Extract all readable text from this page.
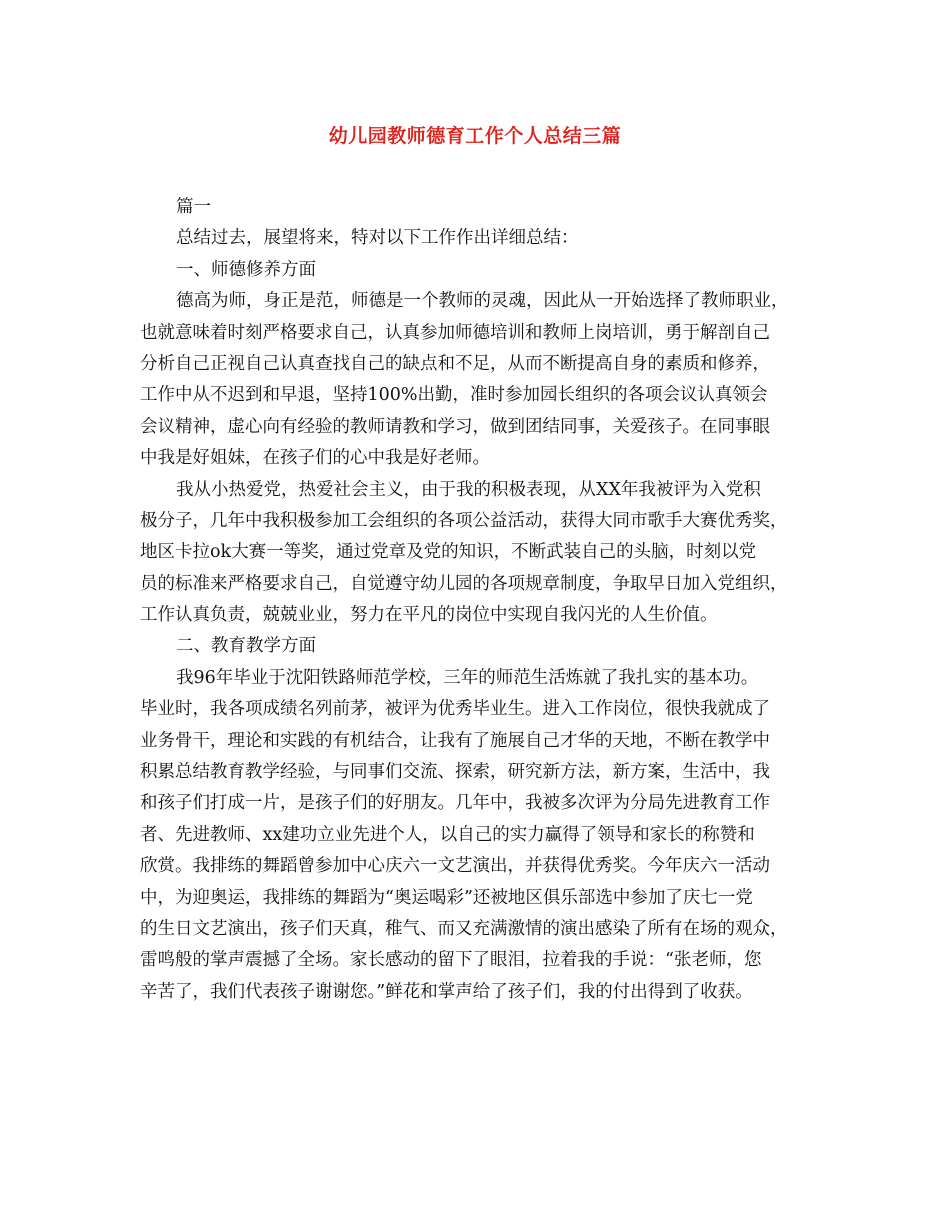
幼儿园教师德育工作个人总结三篇
篇一
总结过去，展望将来，特对以下工作作出详细总结：
一、师德修养方面
德高为师，身正是范，师德是一个教师的灵魂，因此从一开始选择了教师职业，
也就意味着时刻严格要求自己，认真参加师德培训和教师上岗培训，勇于解剖自己
分析自己正视自己认真查找自己的缺点和不足，从而不断提高自身的素质和修养，
工作中从不迟到和早退，坚持100%出勤，准时参加园长组织的各项会议认真领会
会议精神，虚心向有经验的教师请教和学习，做到团结同事，关爱孩子。在同事眼
中我是好姐妹，在孩子们的心中我是好老师。
我从小热爱党，热爱社会主义，由于我的积极表现，从XX年我被评为入党积
极分子，几年中我积极参加工会组织的各项公益活动，获得大同市歌手大赛优秀奖，
地区卡拉ok大赛一等奖，通过党章及党的知识，不断武装自己的头脑，时刻以党
员的标准来严格要求自己，自觉遵守幼儿园的各项规章制度，争取早日加入党组织，
工作认真负责，兢兢业业，努力在平凡的岗位中实现自我闪光的人生价值。
二、教育教学方面
我96年毕业于沈阳铁路师范学校，三年的师范生活炼就了我扎实的基本功。
毕业时，我各项成绩名列前茅，被评为优秀毕业生。进入工作岗位，很快我就成了
业务骨干，理论和实践的有机结合，让我有了施展自己才华的天地，不断在教学中
积累总结教育教学经验，与同事们交流、探索，研究新方法，新方案，生活中，我
和孩子们打成一片，是孩子们的好朋友。几年中，我被多次评为分局先进教育工作
者、先进教师、xx建功立业先进个人，以自己的实力赢得了领导和家长的称赞和
欣赏。我排练的舞蹈曾参加中心庆六一文艺演出，并获得优秀奖。今年庆六一活动
中，为迎奥运，我排练的舞蹈为“奥运喝彩”还被地区俱乐部选中参加了庆七一党
的生日文艺演出，孩子们天真，稚气、而又充满激情的演出感染了所有在场的观众，
雷鸣般的掌声震撼了全场。家长感动的留下了眼泪，拉着我的手说：“张老师，您
辛苦了，我们代表孩子谢谢您。”鲜花和掌声给了孩子们，我的付出得到了收获。
